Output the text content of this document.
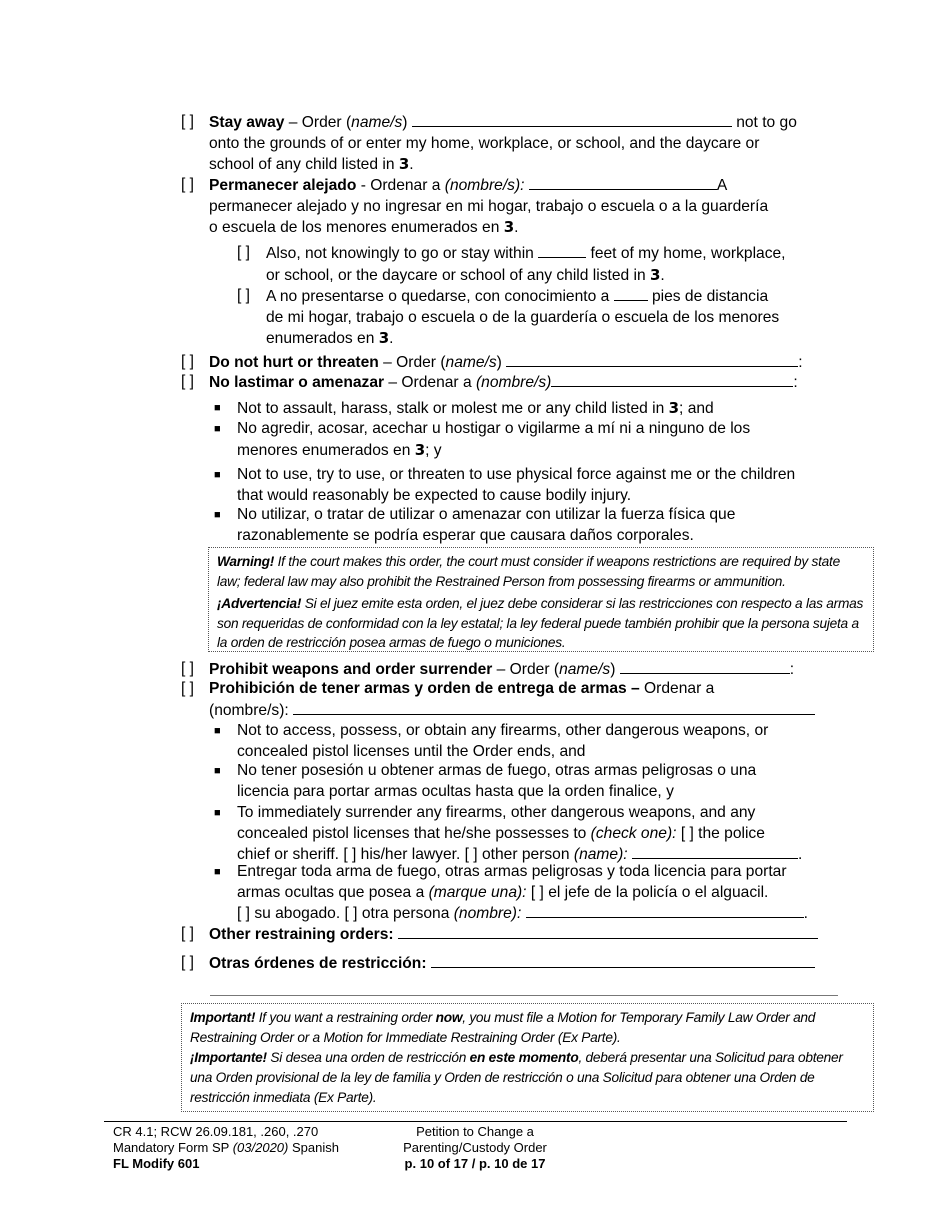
[ ] Stay away – Order (name/s)	not to go
onto the grounds of or enter my home, workplace, or school, and the daycare or
school of any child listed in 3.
[ ] Permanecer alejado - Ordenar a (nombre/s):	A
permanecer alejado y no ingresar en mi hogar, trabajo o escuela o a la guardería
o escuela de los menores enumerados en 3.
[ ] Also, not knowingly to go or stay within	feet of my home, workplace,
or school, or the daycare or school of any child listed in 3.
[ ] A no presentarse o quedarse, con conocimiento a  pies de distancia
de mi hogar, trabajo o escuela o de la guardería o escuela de los menores
enumerados en 3.
[ ] Do not hurt or threaten – Order (name/s)	:
[ ] No lastimar o amenazar – Ordenar a (nombre/s)	:
■ Not to assault, harass, stalk or molest me or any child listed in 3; and
■ No agredir, acosar, acechar u hostigar o vigilarme a mí ni a ninguno de los
menores enumerados en 3; y
■ Not to use, try to use, or threaten to use physical force against me or the children
that would reasonably be expected to cause bodily injury.
■ No utilizar, o tratar de utilizar o amenazar con utilizar la fuerza física que
razonablemente se podría esperar que causara daños corporales.

Warning! If the court makes this order, the court must consider if weapons restrictions are required by state law; federal law may also prohibit the Restrained Person from possessing firearms or ammunition.

¡Advertencia! Si el juez emite esta orden, el juez debe considerar si las restricciones con respecto a las armas son requeridas de conformidad con la ley estatal; la ley federal puede también prohibir que la persona sujeta a la orden de restricción posea armas de fuego o municiones.

[ ] Prohibit weapons and order surrender – Order (name/s)	:
[ ] Prohibición de tener armas y orden de entrega de armas – Ordenar a
(nombre/s):
■ Not to access, possess, or obtain any firearms, other dangerous weapons, or
concealed pistol licenses until the Order ends, and
■ No tener posesión u obtener armas de fuego, otras armas peligrosas o una
licencia para portar armas ocultas hasta que la orden finalice, y
■ To immediately surrender any firearms, other dangerous weapons, and any
concealed pistol licenses that he/she possesses to (check one): [ ] the police
chief or sheriff. [ ] his/her lawyer. [ ] other person (name):	.
■ Entregar toda arma de fuego, otras armas peligrosas y toda licencia para portar
armas ocultas que posea a (marque una): [ ] el jefe de la policía o el alguacil.
[ ] su abogado. [ ] otra persona (nombre):	.
[ ] Other restraining orders:
[ ] Otras órdenes de restricción:

Important! If you want a restraining order now, you must file a Motion for Temporary Family Law Order and Restraining Order or a Motion for Immediate Restraining Order (Ex Parte).

¡Importante! Si desea una orden de restricción en este momento, deberá presentar una Solicitud para obtener una Orden provisional de la ley de familia y Orden de restricción o una Solicitud para obtener una Orden de restricción inmediata (Ex Parte).

CR 4.1; RCW 26.09.181, .260, .270
Mandatory Form SP (03/2020) Spanish
FL Modify 601
Petition to Change a
Parenting/Custody Order
p. 10 of 17 / p. 10 de 17
